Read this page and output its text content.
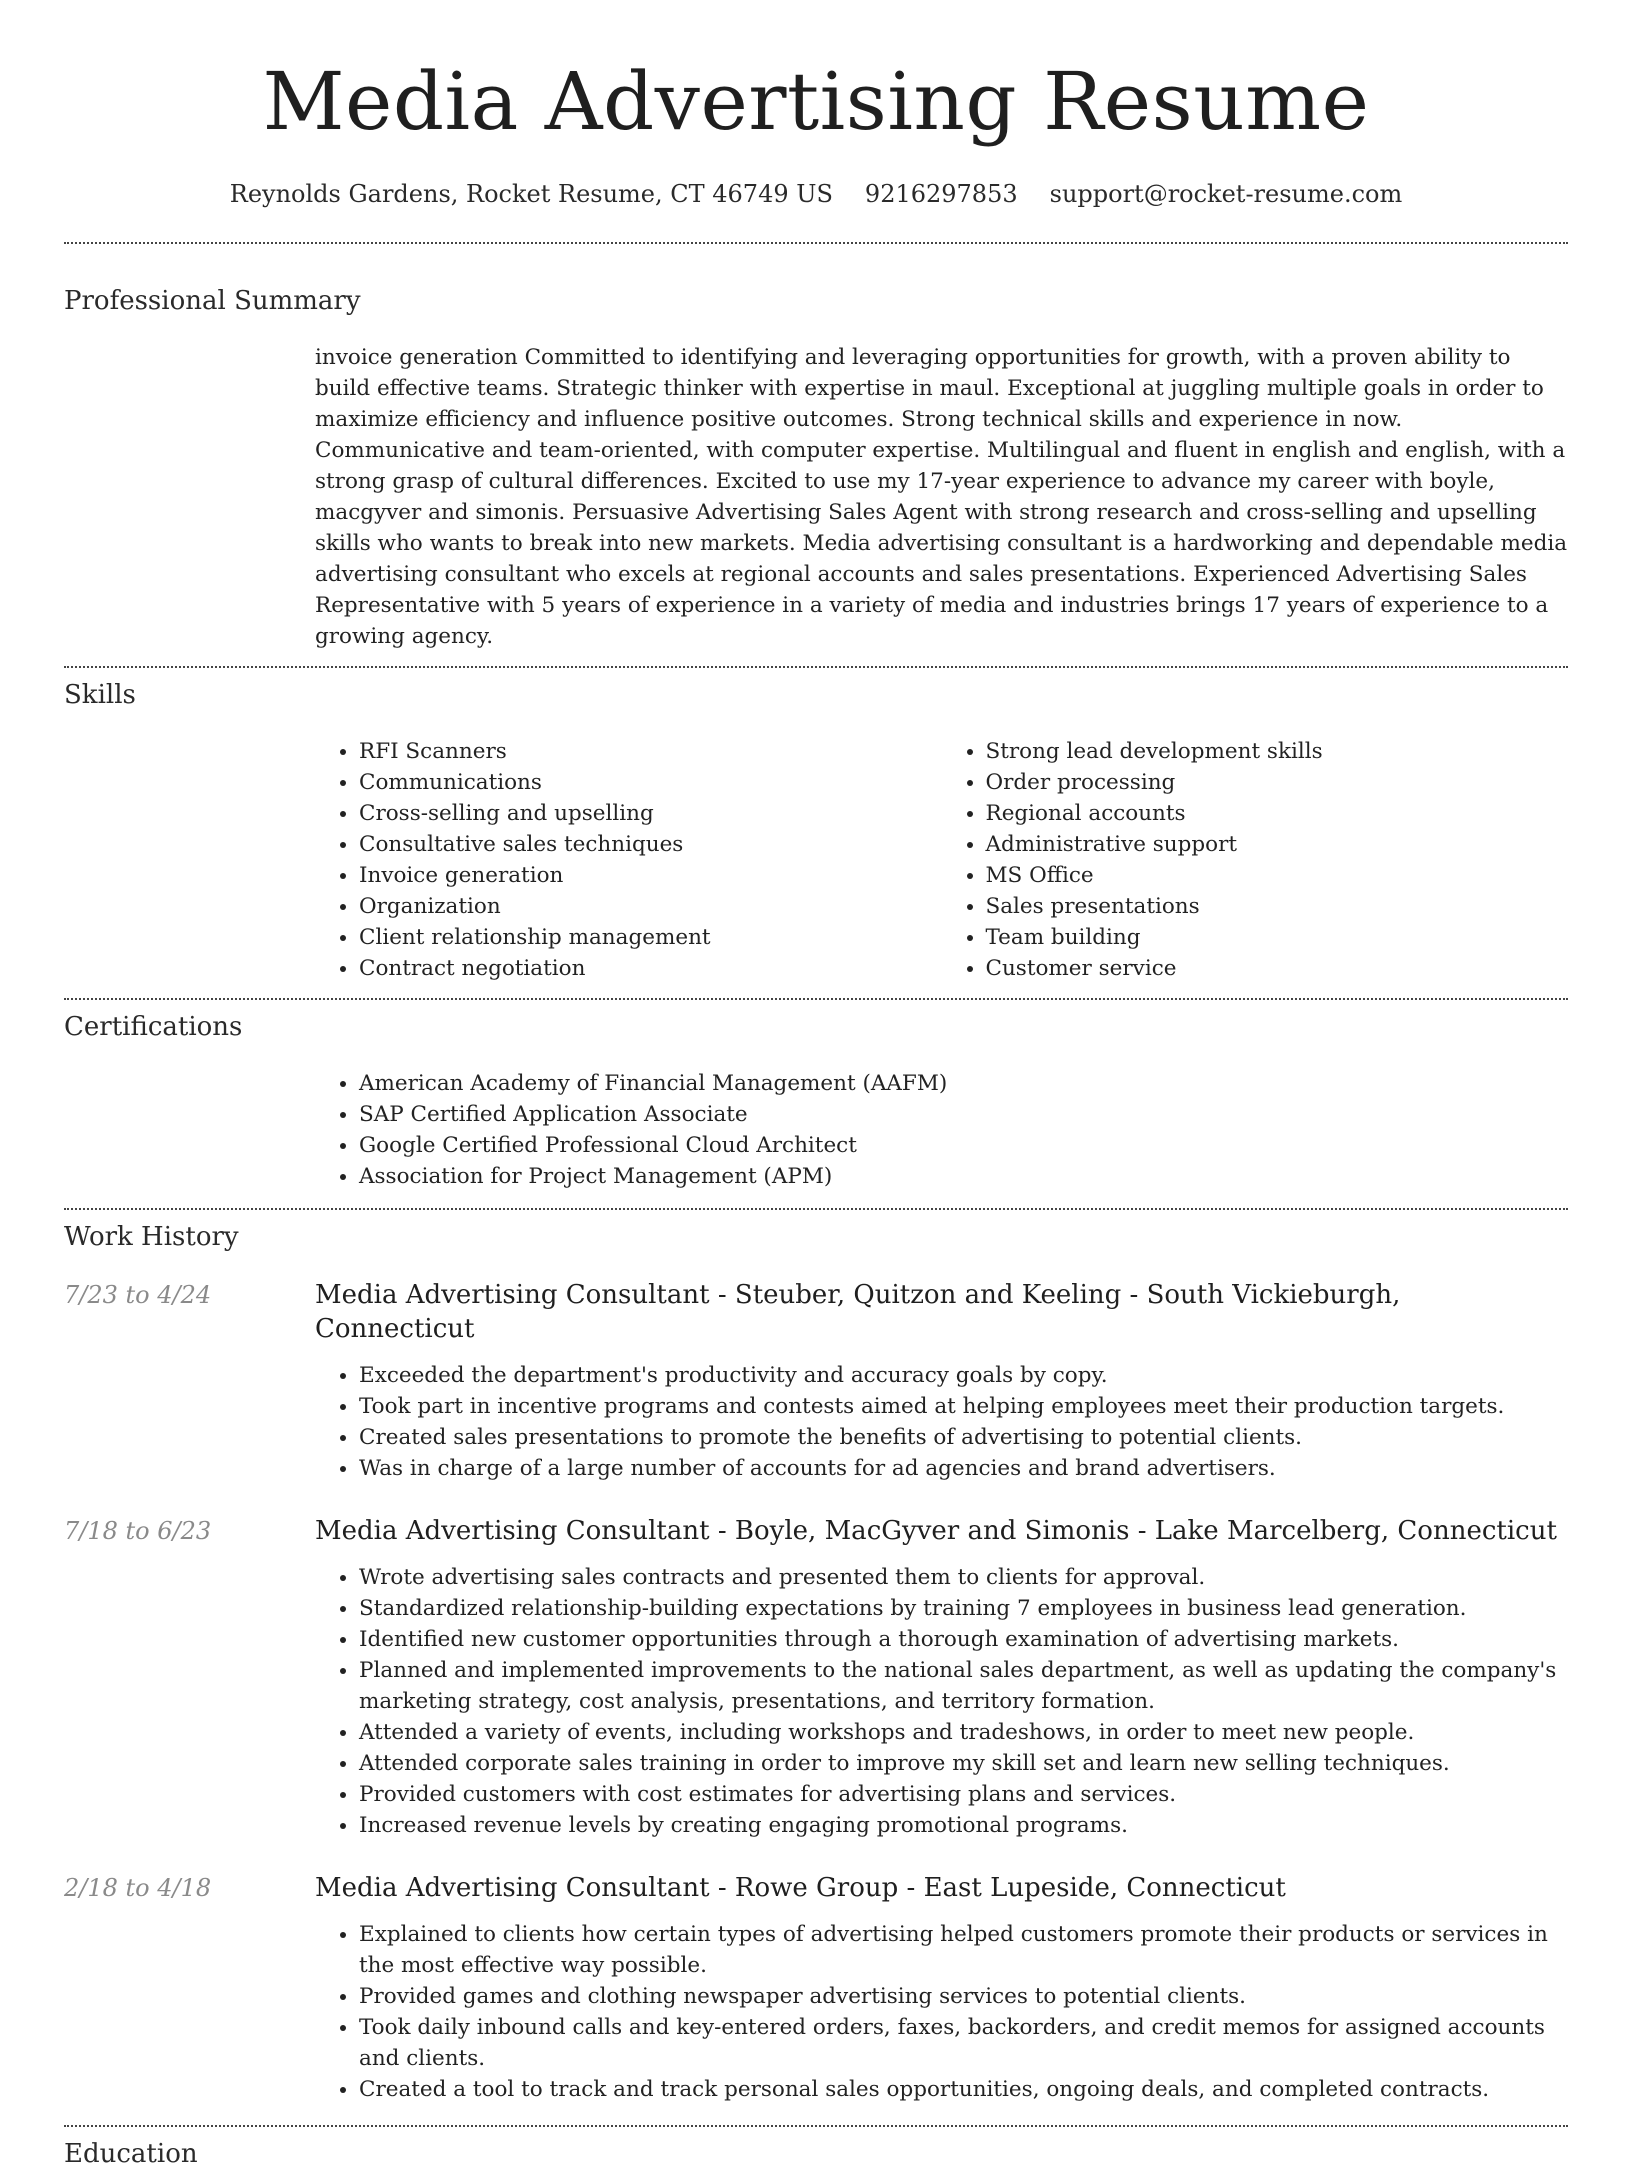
Media Advertising Resume
Reynolds Gardens, Rocket Resume, CT 46749 US 9216297853 support@rocket-resume.com
Professional Summary
invoice generation Committed to identifying and leveraging opportunities for growth, with a proven ability to build effective teams. Strategic thinker with expertise in maul. Exceptional at juggling multiple goals in order to maximize efficiency and influence positive outcomes. Strong technical skills and experience in now. Communicative and team-oriented, with computer expertise. Multilingual and fluent in english and english, with a strong grasp of cultural differences. Excited to use my 17-year experience to advance my career with boyle, macgyver and simonis. Persuasive Advertising Sales Agent with strong research and cross-selling and upselling skills who wants to break into new markets. Media advertising consultant is a hardworking and dependable media advertising consultant who excels at regional accounts and sales presentations. Experienced Advertising Sales Representative with 5 years of experience in a variety of media and industries brings 17 years of experience to a growing agency.
Skills
• RFI Scanners
• Communications
• Cross-selling and upselling
• Consultative sales techniques
• Invoice generation
• Organization
• Client relationship management
• Contract negotiation
• Strong lead development skills
• Order processing
• Regional accounts
• Administrative support
• MS Office
• Sales presentations
• Team building
• Customer service
Certifications
• American Academy of Financial Management (AAFM)
• SAP Certified Application Associate
• Google Certified Professional Cloud Architect
• Association for Project Management (APM)
Work History
7/23 to 4/24	Media Advertising Consultant - Steuber, Quitzon and Keeling - South Vickieburgh, Connecticut
• Exceeded the department's productivity and accuracy goals by copy.
• Took part in incentive programs and contests aimed at helping employees meet their production targets.
• Created sales presentations to promote the benefits of advertising to potential clients.
• Was in charge of a large number of accounts for ad agencies and brand advertisers.
7/18 to 6/23	Media Advertising Consultant - Boyle, MacGyver and Simonis - Lake Marcelberg, Connecticut
• Wrote advertising sales contracts and presented them to clients for approval.
• Standardized relationship-building expectations by training 7 employees in business lead generation.
• Identified new customer opportunities through a thorough examination of advertising markets.
• Planned and implemented improvements to the national sales department, as well as updating the company's marketing strategy, cost analysis, presentations, and territory formation.
• Attended a variety of events, including workshops and tradeshows, in order to meet new people.
• Attended corporate sales training in order to improve my skill set and learn new selling techniques.
• Provided customers with cost estimates for advertising plans and services.
• Increased revenue levels by creating engaging promotional programs.
2/18 to 4/18	Media Advertising Consultant - Rowe Group - East Lupeside, Connecticut
• Explained to clients how certain types of advertising helped customers promote their products or services in the most effective way possible.
• Provided games and clothing newspaper advertising services to potential clients.
• Took daily inbound calls and key-entered orders, faxes, backorders, and credit memos for assigned accounts and clients.
• Created a tool to track and track personal sales opportunities, ongoing deals, and completed contracts.
Education
